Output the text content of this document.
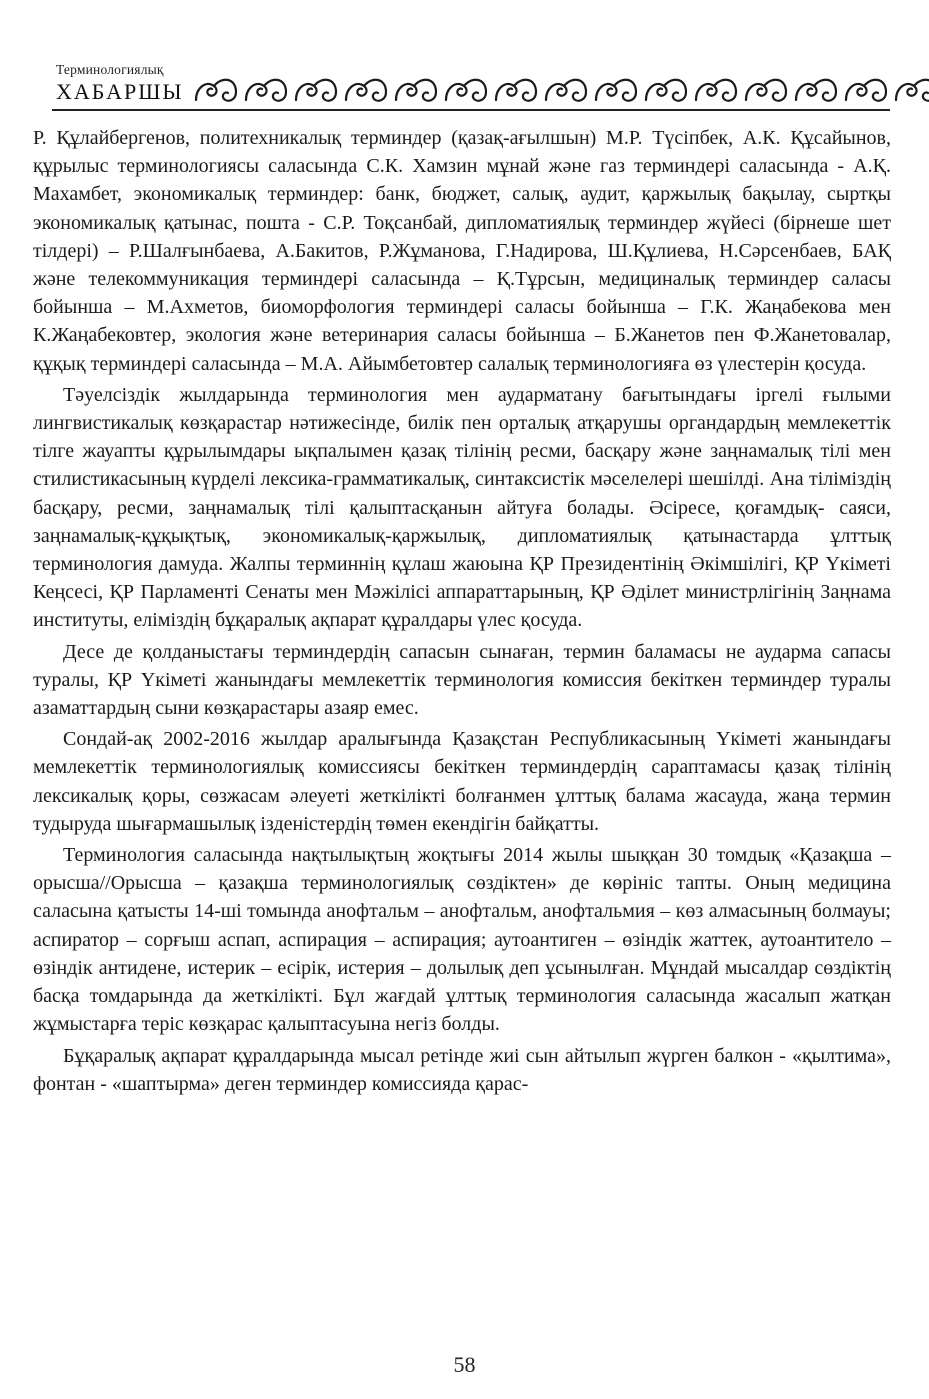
Терминологиялық
ХАБАРШЫ

Р. Құлайбергенов, политехникалық терминдер (қазақ-ағылшын) М.Р. Түсіпбек, А.К. Құсайынов, құрылыс терминологиясы саласында С.К. Хамзин мұнай және газ терминдері саласында - А.Қ. Махамбет, экономикалық терминдер: банк, бюджет, салық, аудит, қаржылық бақылау, сыртқы экономикалық қатынас, пошта - С.Р. Тоқсанбай, дипломатиялық терминдер жүйесі (бірнеше шет тілдері) – Р.Шалғынбаева, А.Бакитов, Р.Жұманова, Г.Надирова, Ш.Құлиева, Н.Сәрсенбаев, БАҚ және телекоммуникация терминдері саласында – Қ.Тұрсын, медициналық терминдер саласы бойынша – М.Ахметов, биоморфология терминдері саласы бойынша – Г.К. Жаңабекова мен К.Жаңабековтер, экология және ветеринария саласы бойынша – Б.Жанетов пен Ф.Жанетовалар, құқық терминдері саласында – М.А. Айымбетовтер салалық терминологияға өз үлестерін қосуда.

Тәуелсіздік жылдарында терминология мен аударматану бағытындағы іргелі ғылыми лингвистикалық көзқарастар нәтижесінде, билік пен орталық атқарушы органдардың мемлекеттік тілге жауапты құрылымдары ықпалымен қазақ тілінің ресми, басқару және заңнамалық тілі мен стилистикасының күрделі лексика-грамматикалық, синтаксистік мәселелері шешілді. Ана тіліміздің басқару, ресми, заңнамалық тілі қалыптасқанын айтуға болады. Әсіресе, қоғамдық- саяси, заңнамалық-құқықтық, экономикалық-қаржылық, дипломатиялық қатынастарда ұлттық терминология дамуда. Жалпы терминнің құлаш жаюына ҚР Президентінің Әкімшілігі, ҚР Үкіметі Кеңсесі, ҚР Парламенті Сенаты мен Мәжілісі аппараттарының, ҚР Әділет министрлігінің Заңнама институты, еліміздің бұқаралық ақпарат құралдары үлес қосуда.

Десе де қолданыстағы терминдердің сапасын сынаған, термин баламасы не аударма сапасы туралы, ҚР Үкіметі жанындағы мемлекеттік терминология комиссия бекіткен терминдер туралы азаматтардың сыни көзқарастары азаяр емес.

Сондай-ақ 2002-2016 жылдар аралығында Қазақстан Республикасының Үкіметі жанындағы мемлекеттік терминологиялық комиссиясы бекіткен терминдердің сараптамасы қазақ тілінің лексикалық қоры, сөзжасам әлеуеті жеткілікті болғанмен ұлттық балама жасауда, жаңа термин тудыруда шығармашылық ізденістердің төмен екендігін байқатты.

Терминология саласында нақтылықтың жоқтығы 2014 жылы шыққан 30 томдық «Қазақша – орысша//Орысша – қазақша терминологиялық сөздіктен» де көрініс тапты. Оның медицина саласына қатысты 14-ші томында анофтальм – анофтальм, анофтальмия – көз алмасының болмауы; аспиратор – сорғыш аспап, аспирация – аспирация; аутоантиген – өзіндік жаттек, аутоантитело – өзіндік антидене, истерик – есірік, истерия – долылық деп ұсынылған. Мұндай мысалдар сөздіктің басқа томдарында да жеткілікті. Бұл жағдай ұлттық терминология саласында жасалып жатқан жұмыстарға теріс көзқарас қалыптасуына негіз болды.

Бұқаралық ақпарат құралдарында мысал ретінде жиі сын айтылып жүрген балкон - «қылтима», фонтан - «шаптырма» деген терминдер комиссияда қарас-

58
